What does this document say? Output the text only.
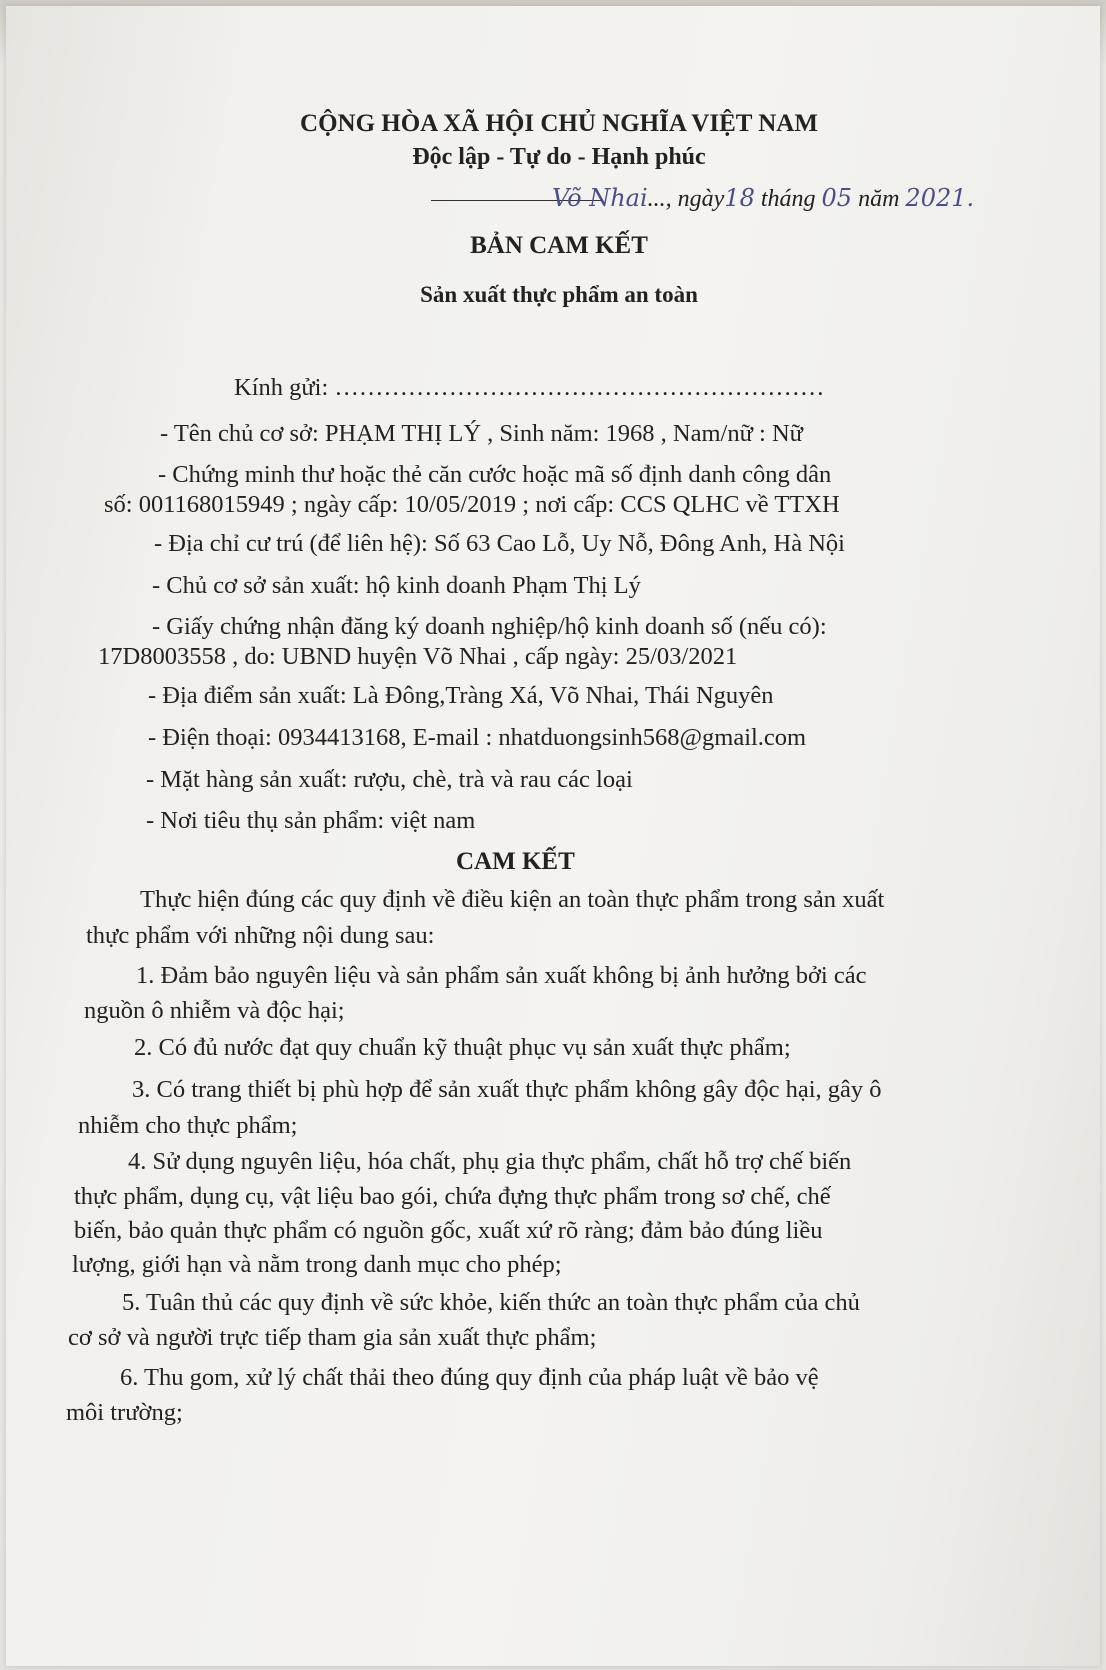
CỘNG HÒA XÃ HỘI CHỦ NGHĨA VIỆT NAM
Độc lập - Tự do - Hạnh phúc
Võ Nhai..., ngày18 tháng 05 năm 2021.
BẢN CAM KẾT
Sản xuất thực phẩm an toàn
Kính gửi: ……………………………………………………
- Tên chủ cơ sở: PHẠM THỊ LÝ , Sinh năm: 1968 , Nam/nữ : Nữ
- Chứng minh thư hoặc thẻ căn cước hoặc mã số định danh công dân
số: 001168015949 ; ngày cấp: 10/05/2019 ; nơi cấp: CCS QLHC về TTXH
- Địa chỉ cư trú (để liên hệ): Số 63 Cao Lỗ, Uy Nỗ, Đông Anh, Hà Nội
- Chủ cơ sở sản xuất: hộ kinh doanh Phạm Thị Lý
- Giấy chứng nhận đăng ký doanh nghiệp/hộ kinh doanh số (nếu có):
17D8003558 , do: UBND huyện Võ Nhai , cấp ngày: 25/03/2021
- Địa điểm sản xuất: Là Đông,Tràng Xá, Võ Nhai, Thái Nguyên
- Điện thoại: 0934413168, E-mail : nhatduongsinh568@gmail.com
- Mặt hàng sản xuất: rượu, chè, trà và rau các loại
- Nơi tiêu thụ sản phẩm: việt nam
CAM KẾT
Thực hiện đúng các quy định về điều kiện an toàn thực phẩm trong sản xuất
thực phẩm với những nội dung sau:
1. Đảm bảo nguyên liệu và sản phẩm sản xuất không bị ảnh hưởng bởi các
nguồn ô nhiễm và độc hại;
2. Có đủ nước đạt quy chuẩn kỹ thuật phục vụ sản xuất thực phẩm;
3. Có trang thiết bị phù hợp để sản xuất thực phẩm không gây độc hại, gây ô
nhiễm cho thực phẩm;
4. Sử dụng nguyên liệu, hóa chất, phụ gia thực phẩm, chất hỗ trợ chế biến
thực phẩm, dụng cụ, vật liệu bao gói, chứa đựng thực phẩm trong sơ chế, chế
biến, bảo quản thực phẩm có nguồn gốc, xuất xứ rõ ràng; đảm bảo đúng liều
lượng, giới hạn và nằm trong danh mục cho phép;
5. Tuân thủ các quy định về sức khỏe, kiến thức an toàn thực phẩm của chủ
cơ sở và người trực tiếp tham gia sản xuất thực phẩm;
6. Thu gom, xử lý chất thải theo đúng quy định của pháp luật về bảo vệ
môi trường;
